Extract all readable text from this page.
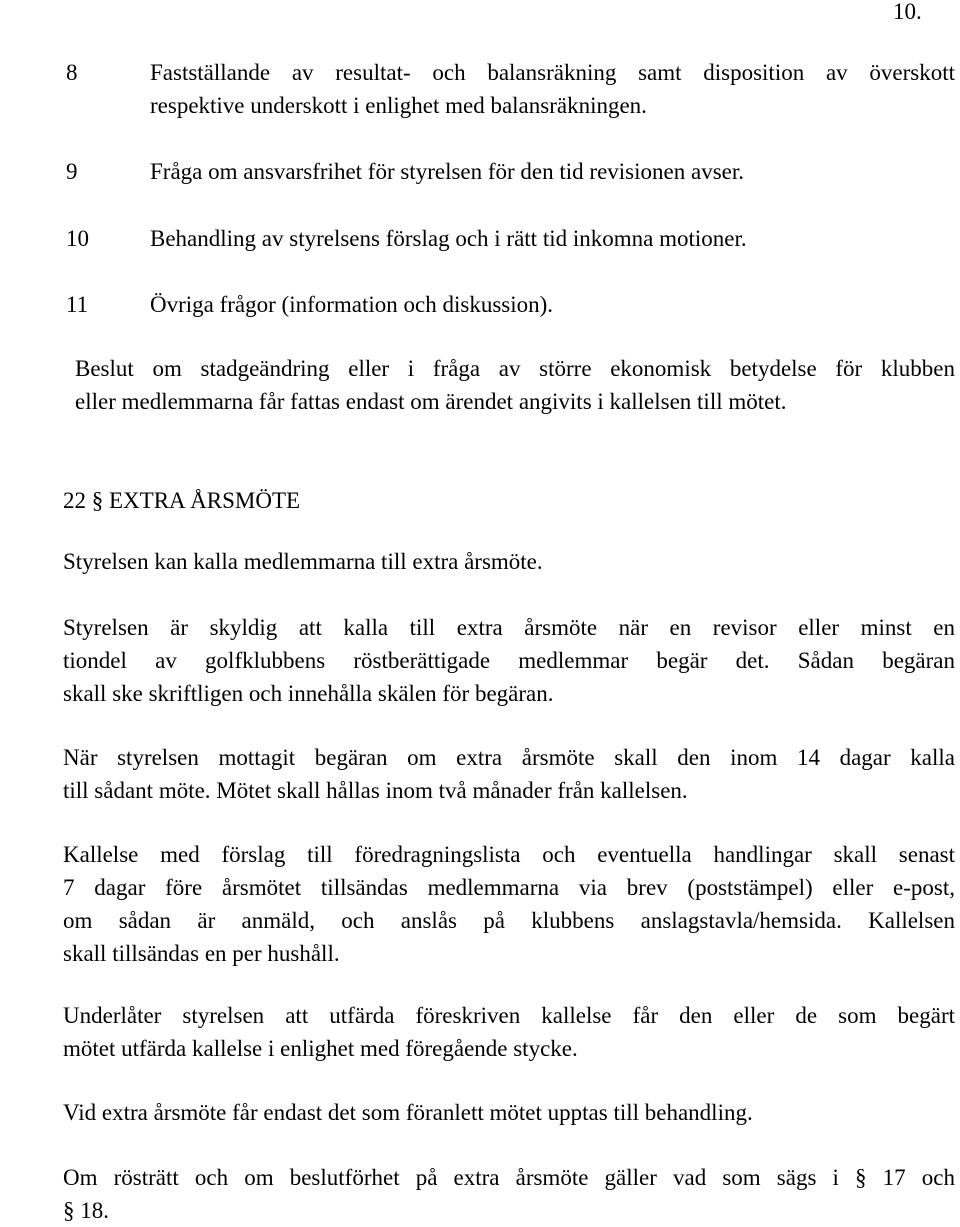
10.
8	Fastställande av resultat- och balansräkning samt disposition av överskott
respektive underskott i enlighet med balansräkningen.
9	Fråga om ansvarsfrihet för styrelsen för den tid revisionen avser.
10	Behandling av styrelsens förslag och i rätt tid inkomna motioner.
11	Övriga frågor (information och diskussion).
Beslut om stadgeändring eller i fråga av större ekonomisk betydelse för klubben
eller medlemmarna får fattas endast om ärendet angivits i kallelsen till mötet.
22 § EXTRA ÅRSMÖTE
Styrelsen kan kalla medlemmarna till extra årsmöte.
Styrelsen är skyldig att kalla till extra årsmöte när en revisor eller minst en
tiondel av golfklubbens röstberättigade medlemmar begär det. Sådan begäran
skall ske skriftligen och innehålla skälen för begäran.
När styrelsen mottagit begäran om extra årsmöte skall den inom 14 dagar kalla
till sådant möte. Mötet skall hållas inom två månader från kallelsen.
Kallelse med förslag till föredragningslista och eventuella handlingar skall senast
7 dagar före årsmötet tillsändas medlemmarna via brev (poststämpel) eller e-post,
om sådan är anmäld, och anslås på klubbens anslagstavla/hemsida. Kallelsen
skall tillsändas en per hushåll.
Underlåter styrelsen att utfärda föreskriven kallelse får den eller de som begärt
mötet utfärda kallelse i enlighet med föregående stycke.
Vid extra årsmöte får endast det som föranlett mötet upptas till behandling.
Om rösträtt och om beslutförhet på extra årsmöte gäller vad som sägs i § 17 och
§ 18.
